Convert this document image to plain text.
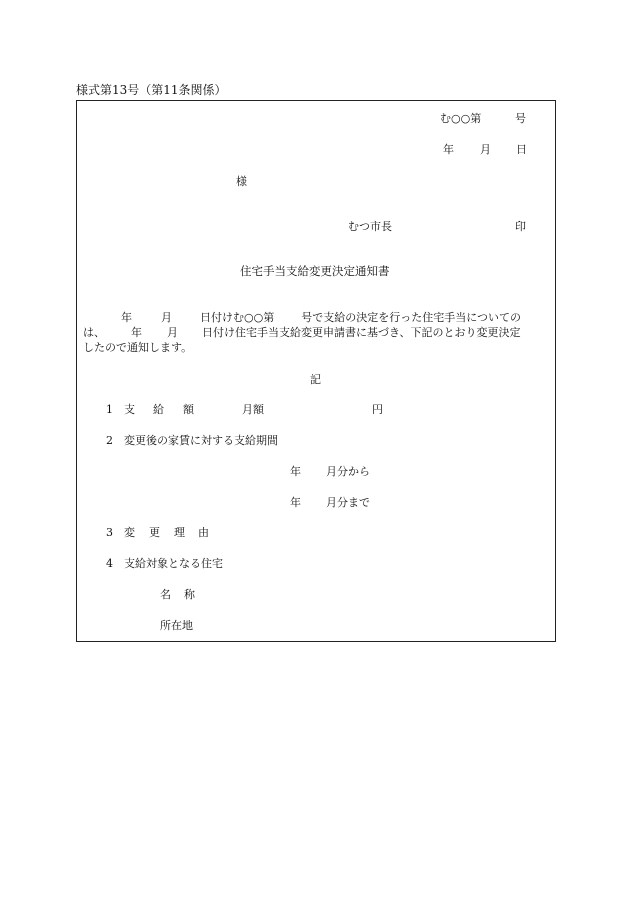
様式第13号（第11条関係）
む○○第	号
年 月 日
様
むつ市長	印
住宅手当支給変更決定通知書
年	月	日付けむ○○第 号で支給の決定を行った住宅手当についての
は、 年 月 日付け住宅手当支給変更申請書に基づき、下記のとおり変更決定
したので通知します。
記
1 支 給 額	月額	円
2 変更後の家賃に対する支給期間
年 月分から
年 月分まで
3 変 更 理 由
4 支給対象となる住宅
名 称
所在地
